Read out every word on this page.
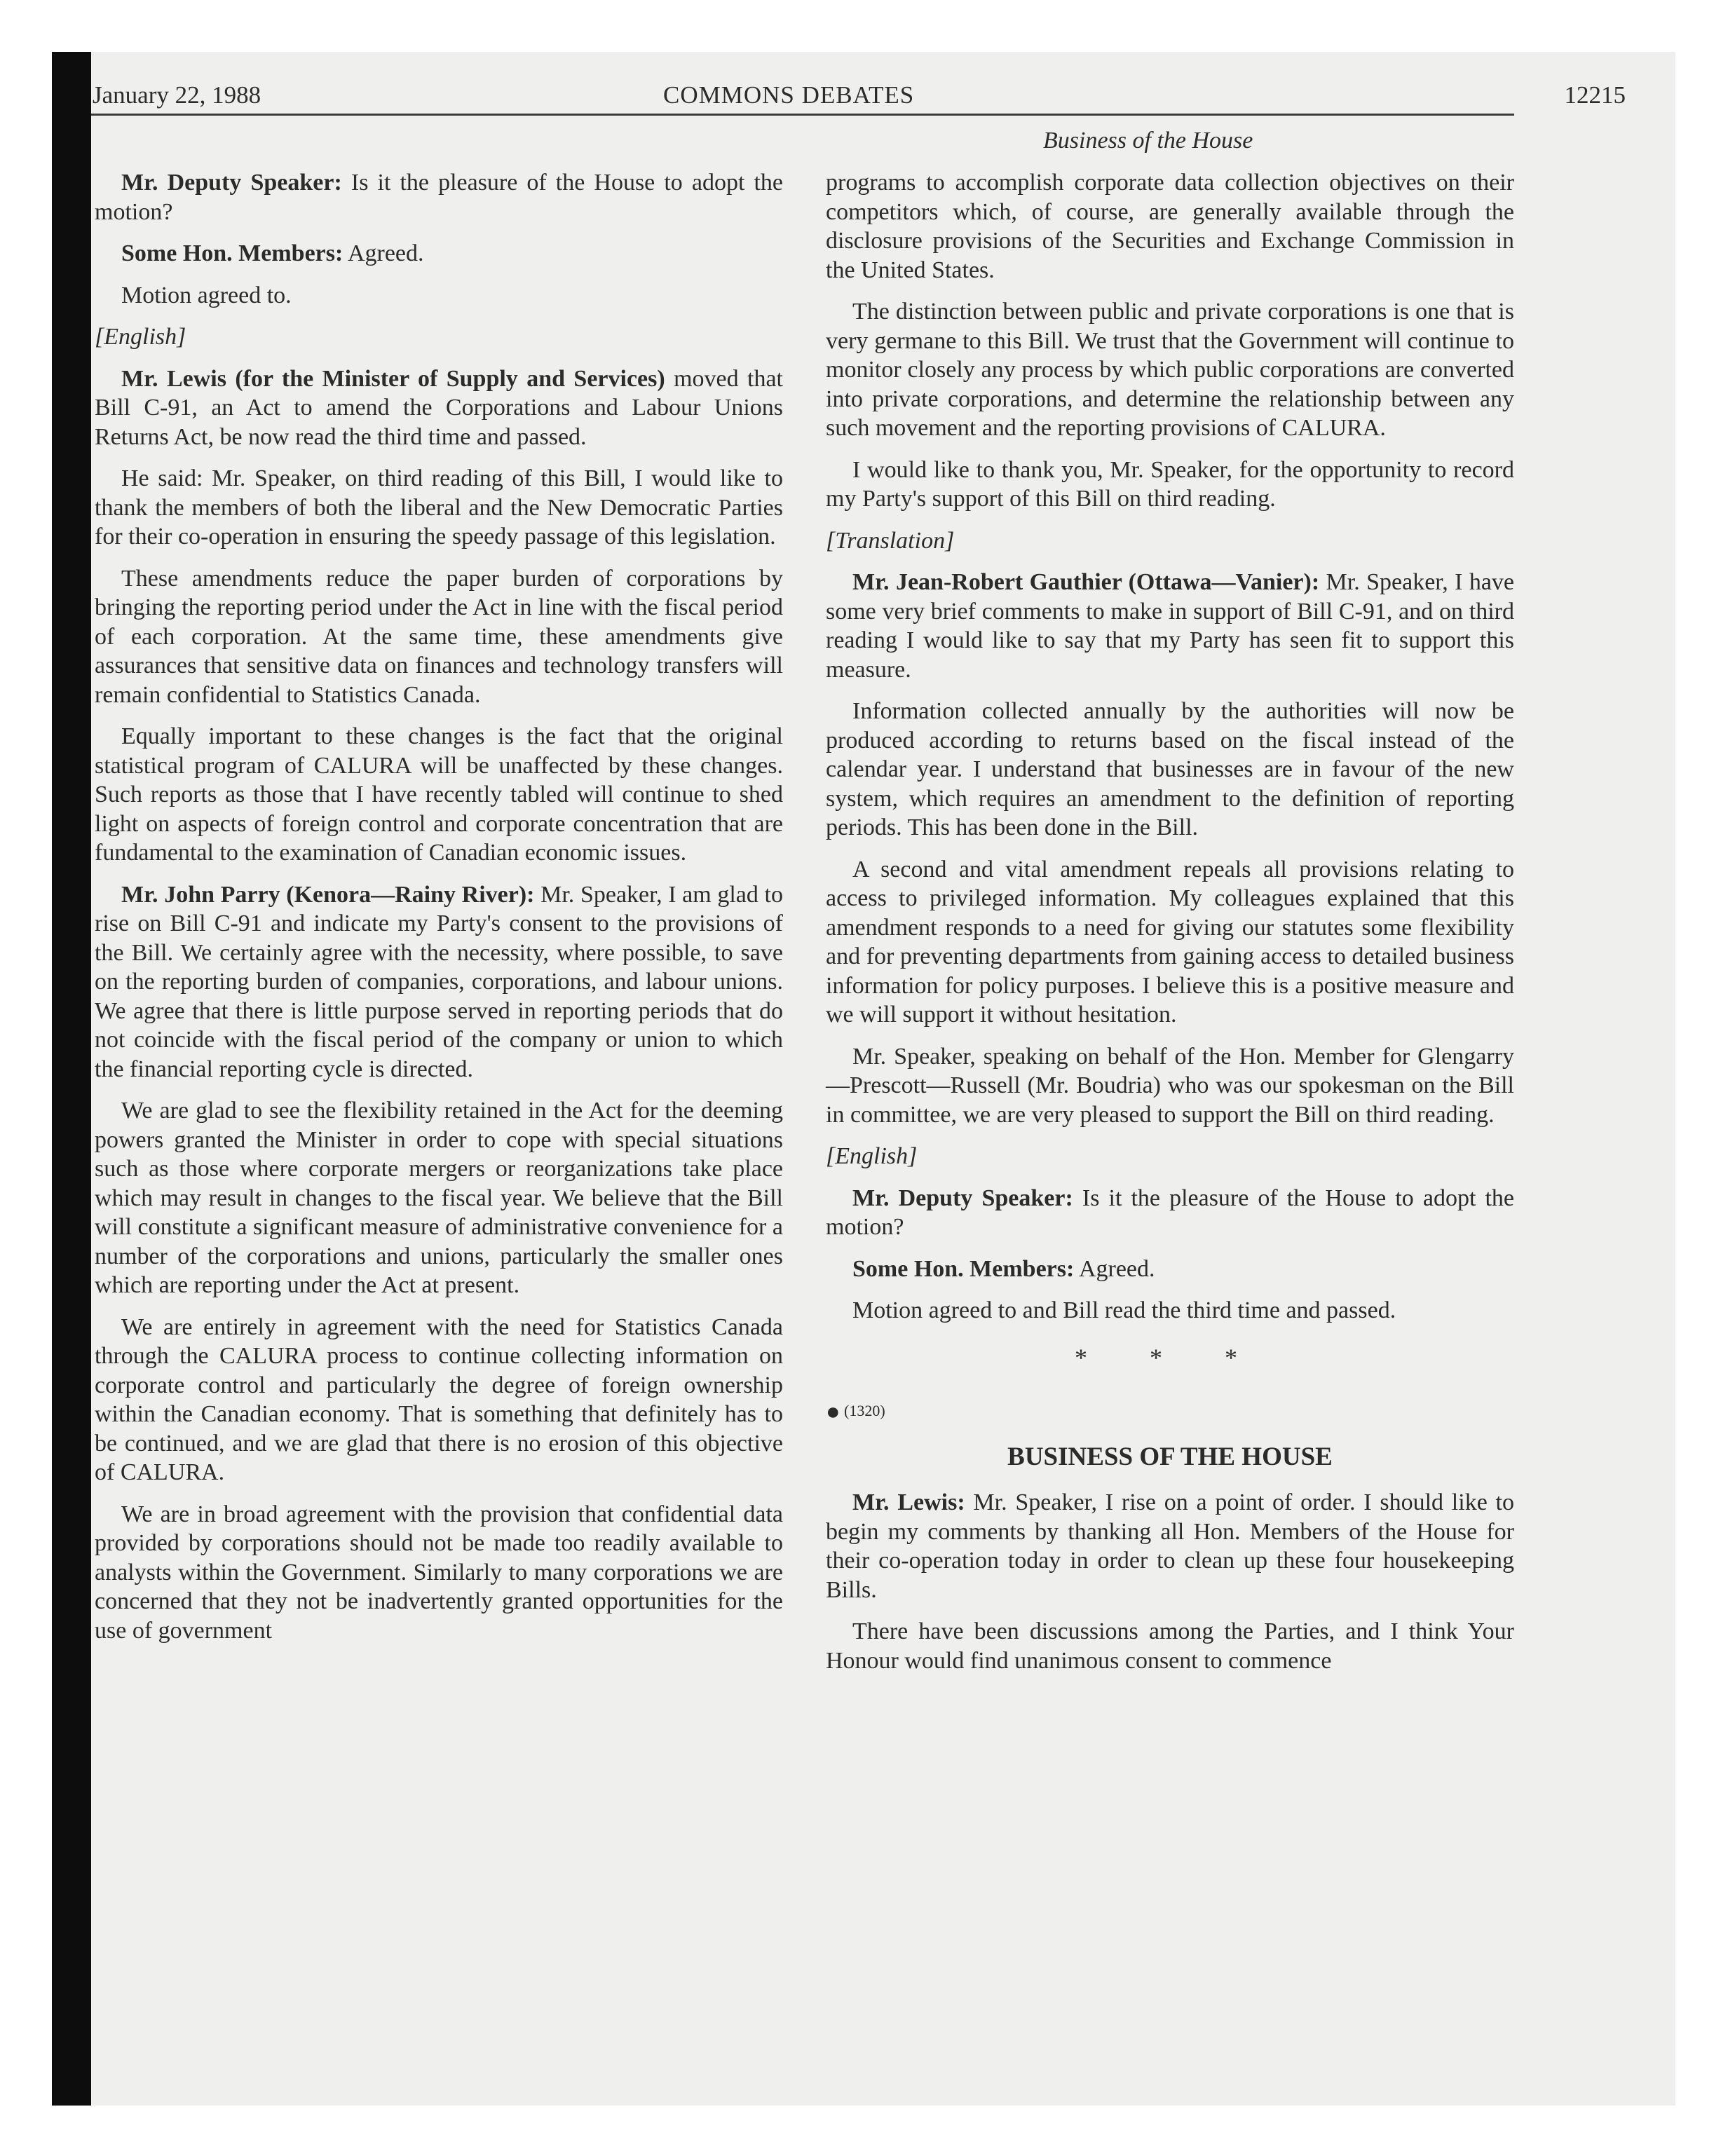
January 22, 1988	COMMONS DEBATES	12215
Business of the House

Mr. Deputy Speaker: Is it the pleasure of the House to adopt the motion?

Some Hon. Members: Agreed.

Motion agreed to.

[English]

Mr. Lewis (for the Minister of Supply and Services) moved that Bill C-91, an Act to amend the Corporations and Labour Unions Returns Act, be now read the third time and passed.

He said: Mr. Speaker, on third reading of this Bill, I would like to thank the members of both the liberal and the New Democratic Parties for their co-operation in ensuring the speedy passage of this legislation.

These amendments reduce the paper burden of corporations by bringing the reporting period under the Act in line with the fiscal period of each corporation. At the same time, these amendments give assurances that sensitive data on finances and technology transfers will remain confidential to Statistics Canada.

Equally important to these changes is the fact that the original statistical program of CALURA will be unaffected by these changes. Such reports as those that I have recently tabled will continue to shed light on aspects of foreign control and corporate concentration that are fundamental to the examination of Canadian economic issues.

Mr. John Parry (Kenora—Rainy River): Mr. Speaker, I am glad to rise on Bill C-91 and indicate my Party's consent to the provisions of the Bill. We certainly agree with the necessity, where possible, to save on the reporting burden of companies, corporations, and labour unions. We agree that there is little purpose served in reporting periods that do not coincide with the fiscal period of the company or union to which the financial reporting cycle is directed.

We are glad to see the flexibility retained in the Act for the deeming powers granted the Minister in order to cope with special situations such as those where corporate mergers or reorganizations take place which may result in changes to the fiscal year. We believe that the Bill will constitute a significant measure of administrative convenience for a number of the corporations and unions, particularly the smaller ones which are reporting under the Act at present.

We are entirely in agreement with the need for Statistics Canada through the CALURA process to continue collecting information on corporate control and particularly the degree of foreign ownership within the Canadian economy. That is something that definitely has to be continued, and we are glad that there is no erosion of this objective of CALURA.

We are in broad agreement with the provision that confidential data provided by corporations should not be made too readily available to analysts within the Government. Similarly to many corporations we are concerned that they not be inadvertently granted opportunities for the use of government

programs to accomplish corporate data collection objectives on their competitors which, of course, are generally available through the disclosure provisions of the Securities and Exchange Commission in the United States.

The distinction between public and private corporations is one that is very germane to this Bill. We trust that the Government will continue to monitor closely any process by which public corporations are converted into private corporations, and determine the relationship between any such movement and the reporting provisions of CALURA.

I would like to thank you, Mr. Speaker, for the opportunity to record my Party's support of this Bill on third reading.

[Translation]

Mr. Jean-Robert Gauthier (Ottawa—Vanier): Mr. Speaker, I have some very brief comments to make in support of Bill C-91, and on third reading I would like to say that my Party has seen fit to support this measure.

Information collected annually by the authorities will now be produced according to returns based on the fiscal instead of the calendar year. I understand that businesses are in favour of the new system, which requires an amendment to the definition of reporting periods. This has been done in the Bill.

A second and vital amendment repeals all provisions relating to access to privileged information. My colleagues explained that this amendment responds to a need for giving our statutes some flexibility and for preventing departments from gaining access to detailed business information for policy purposes. I believe this is a positive measure and we will support it without hesitation.

Mr. Speaker, speaking on behalf of the Hon. Member for Glengarry—Prescott—Russell (Mr. Boudria) who was our spokesman on the Bill in committee, we are very pleased to support the Bill on third reading.

[English]

Mr. Deputy Speaker: Is it the pleasure of the House to adopt the motion?

Some Hon. Members: Agreed.

Motion agreed to and Bill read the third time and passed.

* * *
● (1320)
BUSINESS OF THE HOUSE

Mr. Lewis: Mr. Speaker, I rise on a point of order. I should like to begin my comments by thanking all Hon. Members of the House for their co-operation today in order to clean up these four housekeeping Bills.

There have been discussions among the Parties, and I think Your Honour would find unanimous consent to commence
